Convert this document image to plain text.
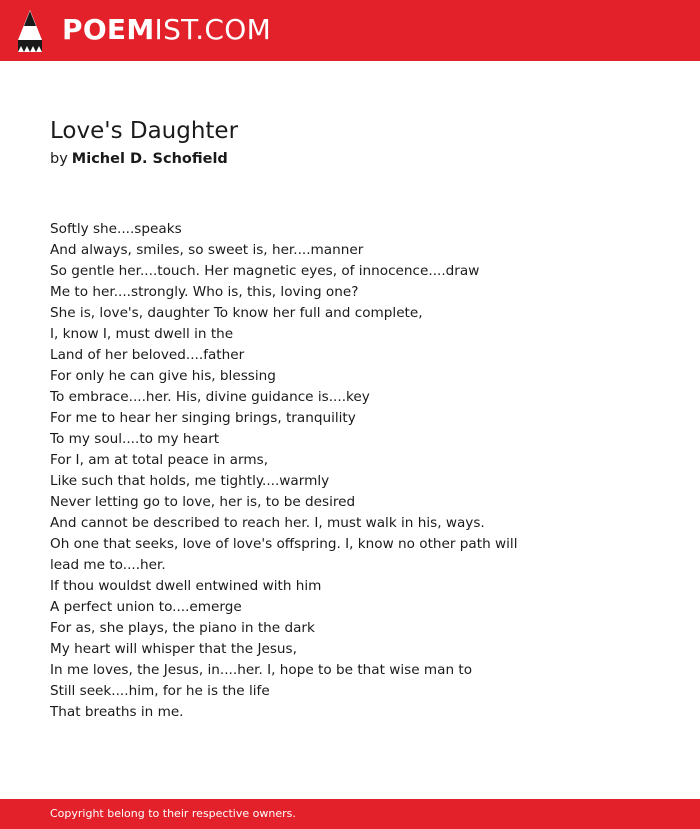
POEMIST.COM
Love's Daughter
by Michel D. Schofield
Softly she....speaks
And always, smiles, so sweet is, her....manner
So gentle her....touch. Her magnetic eyes, of innocence....draw
Me to her....strongly. Who is, this, loving one?
She is, love's, daughter To know her full and complete,
I, know I, must dwell in the
Land of her beloved....father
For only he can give his, blessing
To embrace....her. His, divine guidance is....key
For me to hear her singing brings, tranquility
To my soul....to my heart
For I, am at total peace in arms,
Like such that holds, me tightly....warmly
Never letting go to love, her is, to be desired
And cannot be described to reach her. I, must walk in his, ways.
Oh one that seeks, love of love's offspring. I, know no other path will
lead me to....her.
If thou wouldst dwell entwined with him
A perfect union to....emerge
For as, she plays, the piano in the dark
My heart will whisper that the Jesus,
In me loves, the Jesus, in....her. I, hope to be that wise man to
Still seek....him, for he is the life
That breaths in me.
Copyright belong to their respective owners.
